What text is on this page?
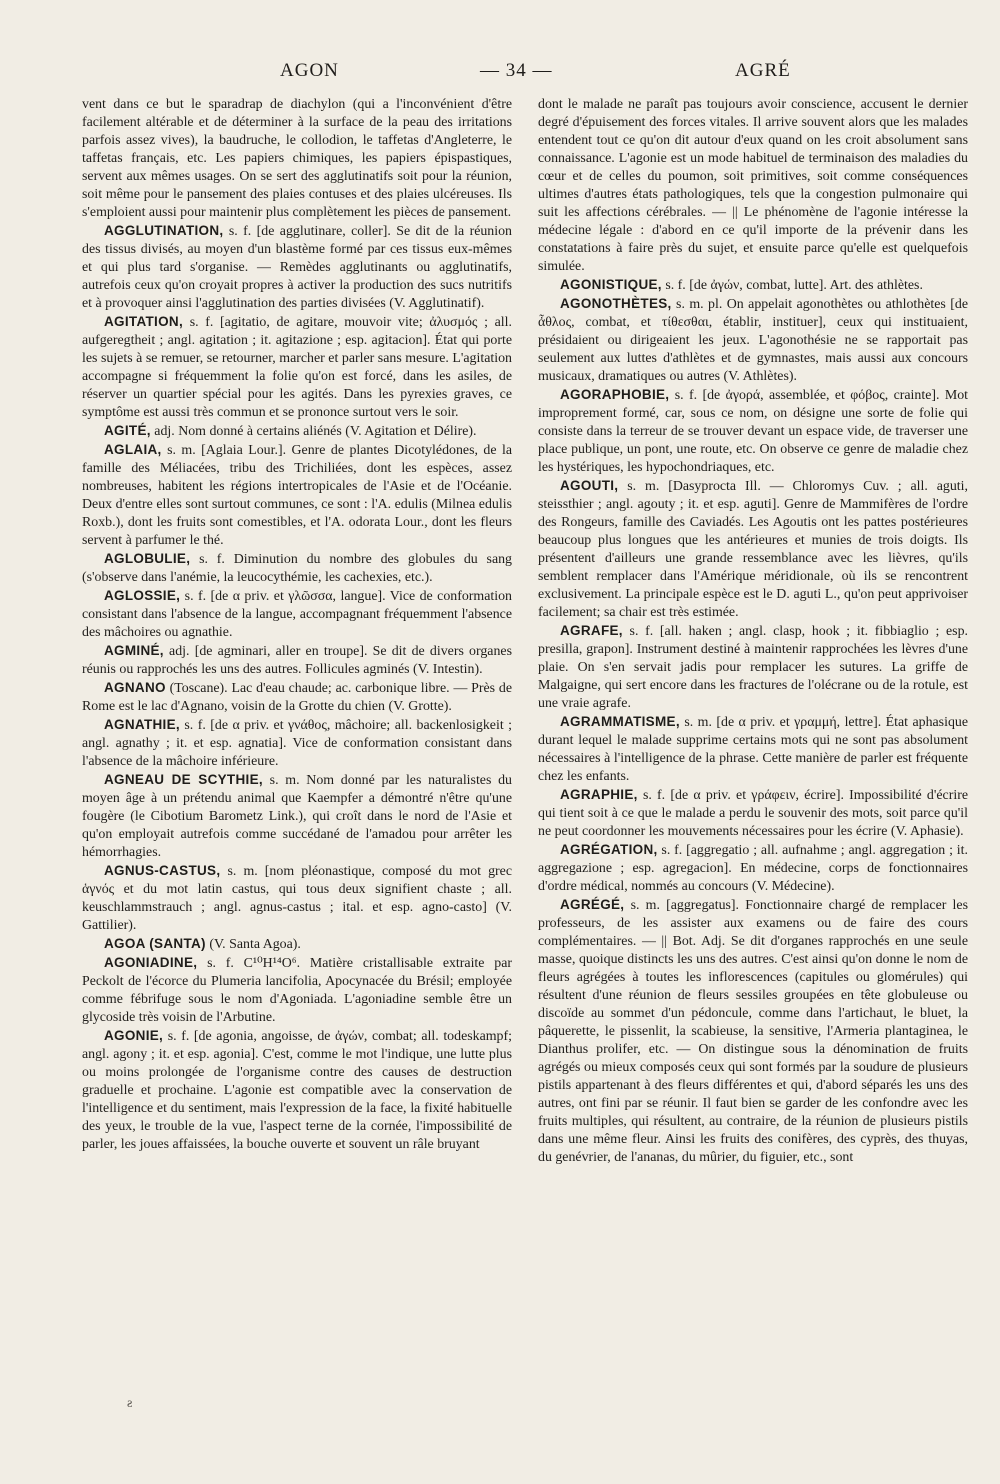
AGON	— 34 —	AGRÉ

vent dans ce but le sparadrap de diachylon (qui a l'inconvénient d'être facilement altérable et de déterminer à la surface de la peau des irritations parfois assez vives), la baudruche, le collodion, le taffetas d'Angleterre, le taffetas français, etc. Les papiers chimiques, les papiers épispastiques, servent aux mêmes usages. On se sert des agglutinatifs soit pour la réunion, soit même pour le pansement des plaies contuses et des plaies ulcéreuses. Ils s'emploient aussi pour maintenir plus complètement les pièces de pansement.

AGGLUTINATION, s. f. [de agglutinare, coller]. Se dit de la réunion des tissus divisés, au moyen d'un blastème formé par ces tissus eux-mêmes et qui plus tard s'organise. — Remèdes agglutinants ou agglutinatifs, autrefois ceux qu'on croyait propres à activer la production des sucs nutritifs et à provoquer ainsi l'agglutination des parties divisées (V. Agglutinatif).

AGITATION, s. f. [agitatio, de agitare, mouvoir vite; ἀλυσμός ; all. aufgeregtheit ; angl. agitation ; it. agitazione ; esp. agitacion]. État qui porte les sujets à se remuer, se retourner, marcher et parler sans mesure. L'agitation accompagne si fréquemment la folie qu'on est forcé, dans les asiles, de réserver un quartier spécial pour les agités. Dans les pyrexies graves, ce symptôme est aussi très commun et se prononce surtout vers le soir.

AGITÉ, adj. Nom donné à certains aliénés (V. Agitation et Délire).

AGLAIA, s. m. [Aglaia Lour.]. Genre de plantes Dicotylédones, de la famille des Méliacées, tribu des Trichiliées, dont les espèces, assez nombreuses, habitent les régions intertropicales de l'Asie et de l'Océanie. Deux d'entre elles sont surtout communes, ce sont : l'A. edulis (Milnea edulis Roxb.), dont les fruits sont comestibles, et l'A. odorata Lour., dont les fleurs servent à parfumer le thé.

AGLOBULIE, s. f. Diminution du nombre des globules du sang (s'observe dans l'anémie, la leucocythémie, les cachexies, etc.).

AGLOSSIE, s. f. [de α priv. et γλῶσσα, langue]. Vice de conformation consistant dans l'absence de la langue, accompagnant fréquemment l'absence des mâchoires ou agnathie.

AGMINÉ, adj. [de agminari, aller en troupe]. Se dit de divers organes réunis ou rapprochés les uns des autres. Follicules agminés (V. Intestin).

AGNANO (Toscane). Lac d'eau chaude; ac. carbonique libre. — Près de Rome est le lac d'Agnano, voisin de la Grotte du chien (V. Grotte).

AGNATHIE, s. f. [de α priv. et γνάθος, mâchoire; all. backenlosigkeit ; angl. agnathy ; it. et esp. agnatia]. Vice de conformation consistant dans l'absence de la mâchoire inférieure.

AGNEAU DE SCYTHIE, s. m. Nom donné par les naturalistes du moyen âge à un prétendu animal que Kaempfer a démontré n'être qu'une fougère (le Cibotium Barometz Link.), qui croît dans le nord de l'Asie et qu'on employait autrefois comme succédané de l'amadou pour arrêter les hémorrhagies.

AGNUS-CASTUS, s. m. [nom pléonastique, composé du mot grec ἁγνός et du mot latin castus, qui tous deux signifient chaste ; all. keuschlammstrauch ; angl. agnus-castus ; ital. et esp. agno-casto] (V. Gattilier).

AGOA (SANTA) (V. Santa Agoa).

AGONIADINE, s. f. C¹⁰H¹⁴O⁶. Matière cristallisable extraite par Peckolt de l'écorce du Plumeria lancifolia, Apocynacée du Brésil; employée comme fébrifuge sous le nom d'Agoniada. L'agoniadine semble être un glycoside très voisin de l'Arbutine.

AGONIE, s. f. [de agonia, angoisse, de ἀγών, combat; all. todeskampf; angl. agony ; it. et esp. agonia]. C'est, comme le mot l'indique, une lutte plus ou moins prolongée de l'organisme contre des causes de destruction graduelle et prochaine. L'agonie est compatible avec la conservation de l'intelligence et du sentiment, mais l'expression de la face, la fixité habituelle des yeux, le trouble de la vue, l'aspect terne de la cornée, l'impossibilité de parler, les joues affaissées, la bouche ouverte et souvent un râle bruyant

dont le malade ne paraît pas toujours avoir conscience, accusent le dernier degré d'épuisement des forces vitales. Il arrive souvent alors que les malades entendent tout ce qu'on dit autour d'eux quand on les croit absolument sans connaissance. L'agonie est un mode habituel de terminaison des maladies du cœur et de celles du poumon, soit primitives, soit comme conséquences ultimes d'autres états pathologiques, tels que la congestion pulmonaire qui suit les affections cérébrales. — || Le phénomène de l'agonie intéresse la médecine légale : d'abord en ce qu'il importe de la prévenir dans les constatations à faire près du sujet, et ensuite parce qu'elle est quelquefois simulée.

AGONISTIQUE, s. f. [de ἀγών, combat, lutte]. Art. des athlètes.

AGONOTHÈTES, s. m. pl. On appelait agonothètes ou athlothètes [de ἆθλος, combat, et τίθεσθαι, établir, instituer], ceux qui instituaient, présidaient ou dirigeaient les jeux. L'agonothésie ne se rapportait pas seulement aux luttes d'athlètes et de gymnastes, mais aussi aux concours musicaux, dramatiques ou autres (V. Athlètes).

AGORAPHOBIE, s. f. [de ἀγορά, assemblée, et φόβος, crainte]. Mot improprement formé, car, sous ce nom, on désigne une sorte de folie qui consiste dans la terreur de se trouver devant un espace vide, de traverser une place publique, un pont, une route, etc. On observe ce genre de maladie chez les hystériques, les hypochondriaques, etc.

AGOUTI, s. m. [Dasyprocta Ill. — Chloromys Cuv. ; all. aguti, steissthier ; angl. agouty ; it. et esp. aguti]. Genre de Mammifères de l'ordre des Rongeurs, famille des Caviadés. Les Agoutis ont les pattes postérieures beaucoup plus longues que les antérieures et munies de trois doigts. Ils présentent d'ailleurs une grande ressemblance avec les lièvres, qu'ils semblent remplacer dans l'Amérique méridionale, où ils se rencontrent exclusivement. La principale espèce est le D. aguti L., qu'on peut apprivoiser facilement; sa chair est très estimée.

AGRAFE, s. f. [all. haken ; angl. clasp, hook ; it. fibbiaglio ; esp. presilla, grapon]. Instrument destiné à maintenir rapprochées les lèvres d'une plaie. On s'en servait jadis pour remplacer les sutures. La griffe de Malgaigne, qui sert encore dans les fractures de l'olécrane ou de la rotule, est une vraie agrafe.

AGRAMMATISME, s. m. [de α priv. et γραμμή, lettre]. État aphasique durant lequel le malade supprime certains mots qui ne sont pas absolument nécessaires à l'intelligence de la phrase. Cette manière de parler est fréquente chez les enfants.

AGRAPHIE, s. f. [de α priv. et γράφειν, écrire]. Impossibilité d'écrire qui tient soit à ce que le malade a perdu le souvenir des mots, soit parce qu'il ne peut coordonner les mouvements nécessaires pour les écrire (V. Aphasie).

AGRÉGATION, s. f. [aggregatio ; all. aufnahme ; angl. aggregation ; it. aggregazione ; esp. agregacion]. En médecine, corps de fonctionnaires d'ordre médical, nommés au concours (V. Médecine).

AGRÉGÉ, s. m. [aggregatus]. Fonctionnaire chargé de remplacer les professeurs, de les assister aux examens ou de faire des cours complémentaires. — || Bot. Adj. Se dit d'organes rapprochés en une seule masse, quoique distincts les uns des autres. C'est ainsi qu'on donne le nom de fleurs agrégées à toutes les inflorescences (capitules ou glomérules) qui résultent d'une réunion de fleurs sessiles groupées en tête globuleuse ou discoïde au sommet d'un pédoncule, comme dans l'artichaut, le bluet, la pâquerette, le pissenlit, la scabieuse, la sensitive, l'Armeria plantaginea, le Dianthus prolifer, etc. — On distingue sous la dénomination de fruits agrégés ou mieux composés ceux qui sont formés par la soudure de plusieurs pistils appartenant à des fleurs différentes et qui, d'abord séparés les uns des autres, ont fini par se réunir. Il faut bien se garder de les confondre avec les fruits multiples, qui résultent, au contraire, de la réunion de plusieurs pistils dans une même fleur. Ainsi les fruits des conifères, des cyprès, des thuyas, du genévrier, de l'ananas, du mûrier, du figuier, etc., sont

ƨ
